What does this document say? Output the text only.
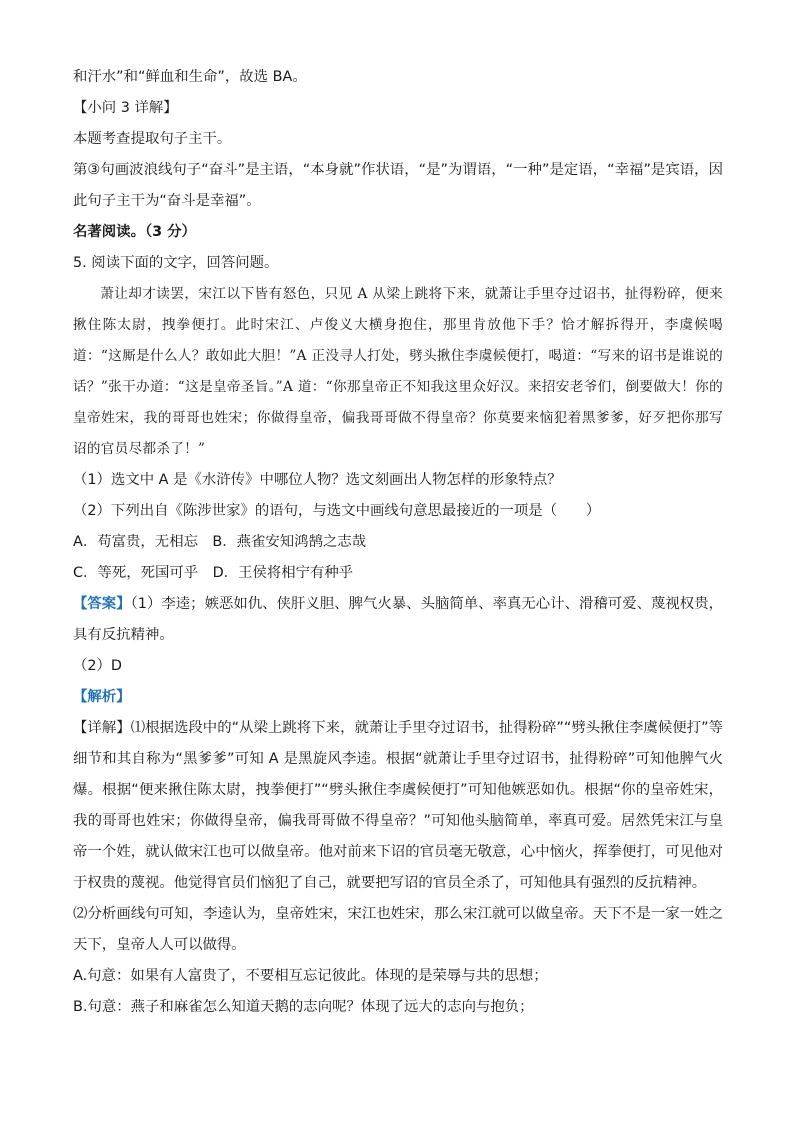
和汗水”和“鲜血和生命”，故选 BA。
【小问 3 详解】
本题考查提取句子主干。
第③句画波浪线句子“奋斗”是主语，“本身就”作状语，“是”为谓语，“一种”是定语，“幸福”是宾语，因此句子主干为“奋斗是幸福”。
名著阅读。（3 分）
5. 阅读下面的文字，回答问题。
萧让却才读罢，宋江以下皆有怒色，只见 A 从梁上跳将下来，就萧让手里夺过诏书，扯得粉碎，便来揪住陈太尉，拽拳便打。此时宋江、卢俊义大横身抱住，那里肯放他下手？恰才解拆得开，李虞候喝道：“这厮是什么人？敢如此大胆！”A 正没寻人打处，劈头揪住李虞候便打，喝道：“写来的诏书是谁说的话？”张干办道：“这是皇帝圣旨。”A 道：“你那皇帝正不知我这里众好汉。来招安老爷们，倒要做大！你的皇帝姓宋，我的哥哥也姓宋；你做得皇帝，偏我哥哥做不得皇帝？你莫要来恼犯着黑爹爹，好歹把你那写诏的官员尽都杀了！”
（1）选文中 A 是《水浒传》中哪位人物？选文刻画出人物怎样的形象特点？
（2）下列出自《陈涉世家》的语句，与选文中画线句意思最接近的一项是（　　）
A．苟富贵，无相忘　B．燕雀安知鸿鹄之志哉
C．等死，死国可乎　D．王侯将相宁有种乎
【答案】（1）李逵；嫉恶如仇、侠肝义胆、脾气火暴、头脑简单、率真无心计、滑稽可爱、蔑视权贵，具有反抗精神。
（2）D
【解析】
【详解】⑴根据选段中的“从梁上跳将下来，就萧让手里夺过诏书，扯得粉碎”“劈头揪住李虞候便打”等细节和其自称为“黑爹爹”可知 A 是黑旋风李逵。根据“就萧让手里夺过诏书，扯得粉碎”可知他脾气火爆。根据“便来揪住陈太尉，拽拳便打”“劈头揪住李虞候便打”可知他嫉恶如仇。根据“你的皇帝姓宋，我的哥哥也姓宋；你做得皇帝，偏我哥哥做不得皇帝？”可知他头脑简单，率真可爱。居然凭宋江与皇帝一个姓，就认做宋江也可以做皇帝。他对前来下诏的官员毫无敬意，心中恼火，挥拳便打，可见他对于权贵的蔑视。他觉得官员们恼犯了自己，就要把写诏的官员全杀了，可知他具有强烈的反抗精神。
⑵分析画线句可知，李逵认为，皇帝姓宋，宋江也姓宋，那么宋江就可以做皇帝。天下不是一家一姓之天下，皇帝人人可以做得。
A.句意：如果有人富贵了，不要相互忘记彼此。体现的是荣辱与共的思想；
B.句意：燕子和麻雀怎么知道天鹅的志向呢？体现了远大的志向与抱负；
